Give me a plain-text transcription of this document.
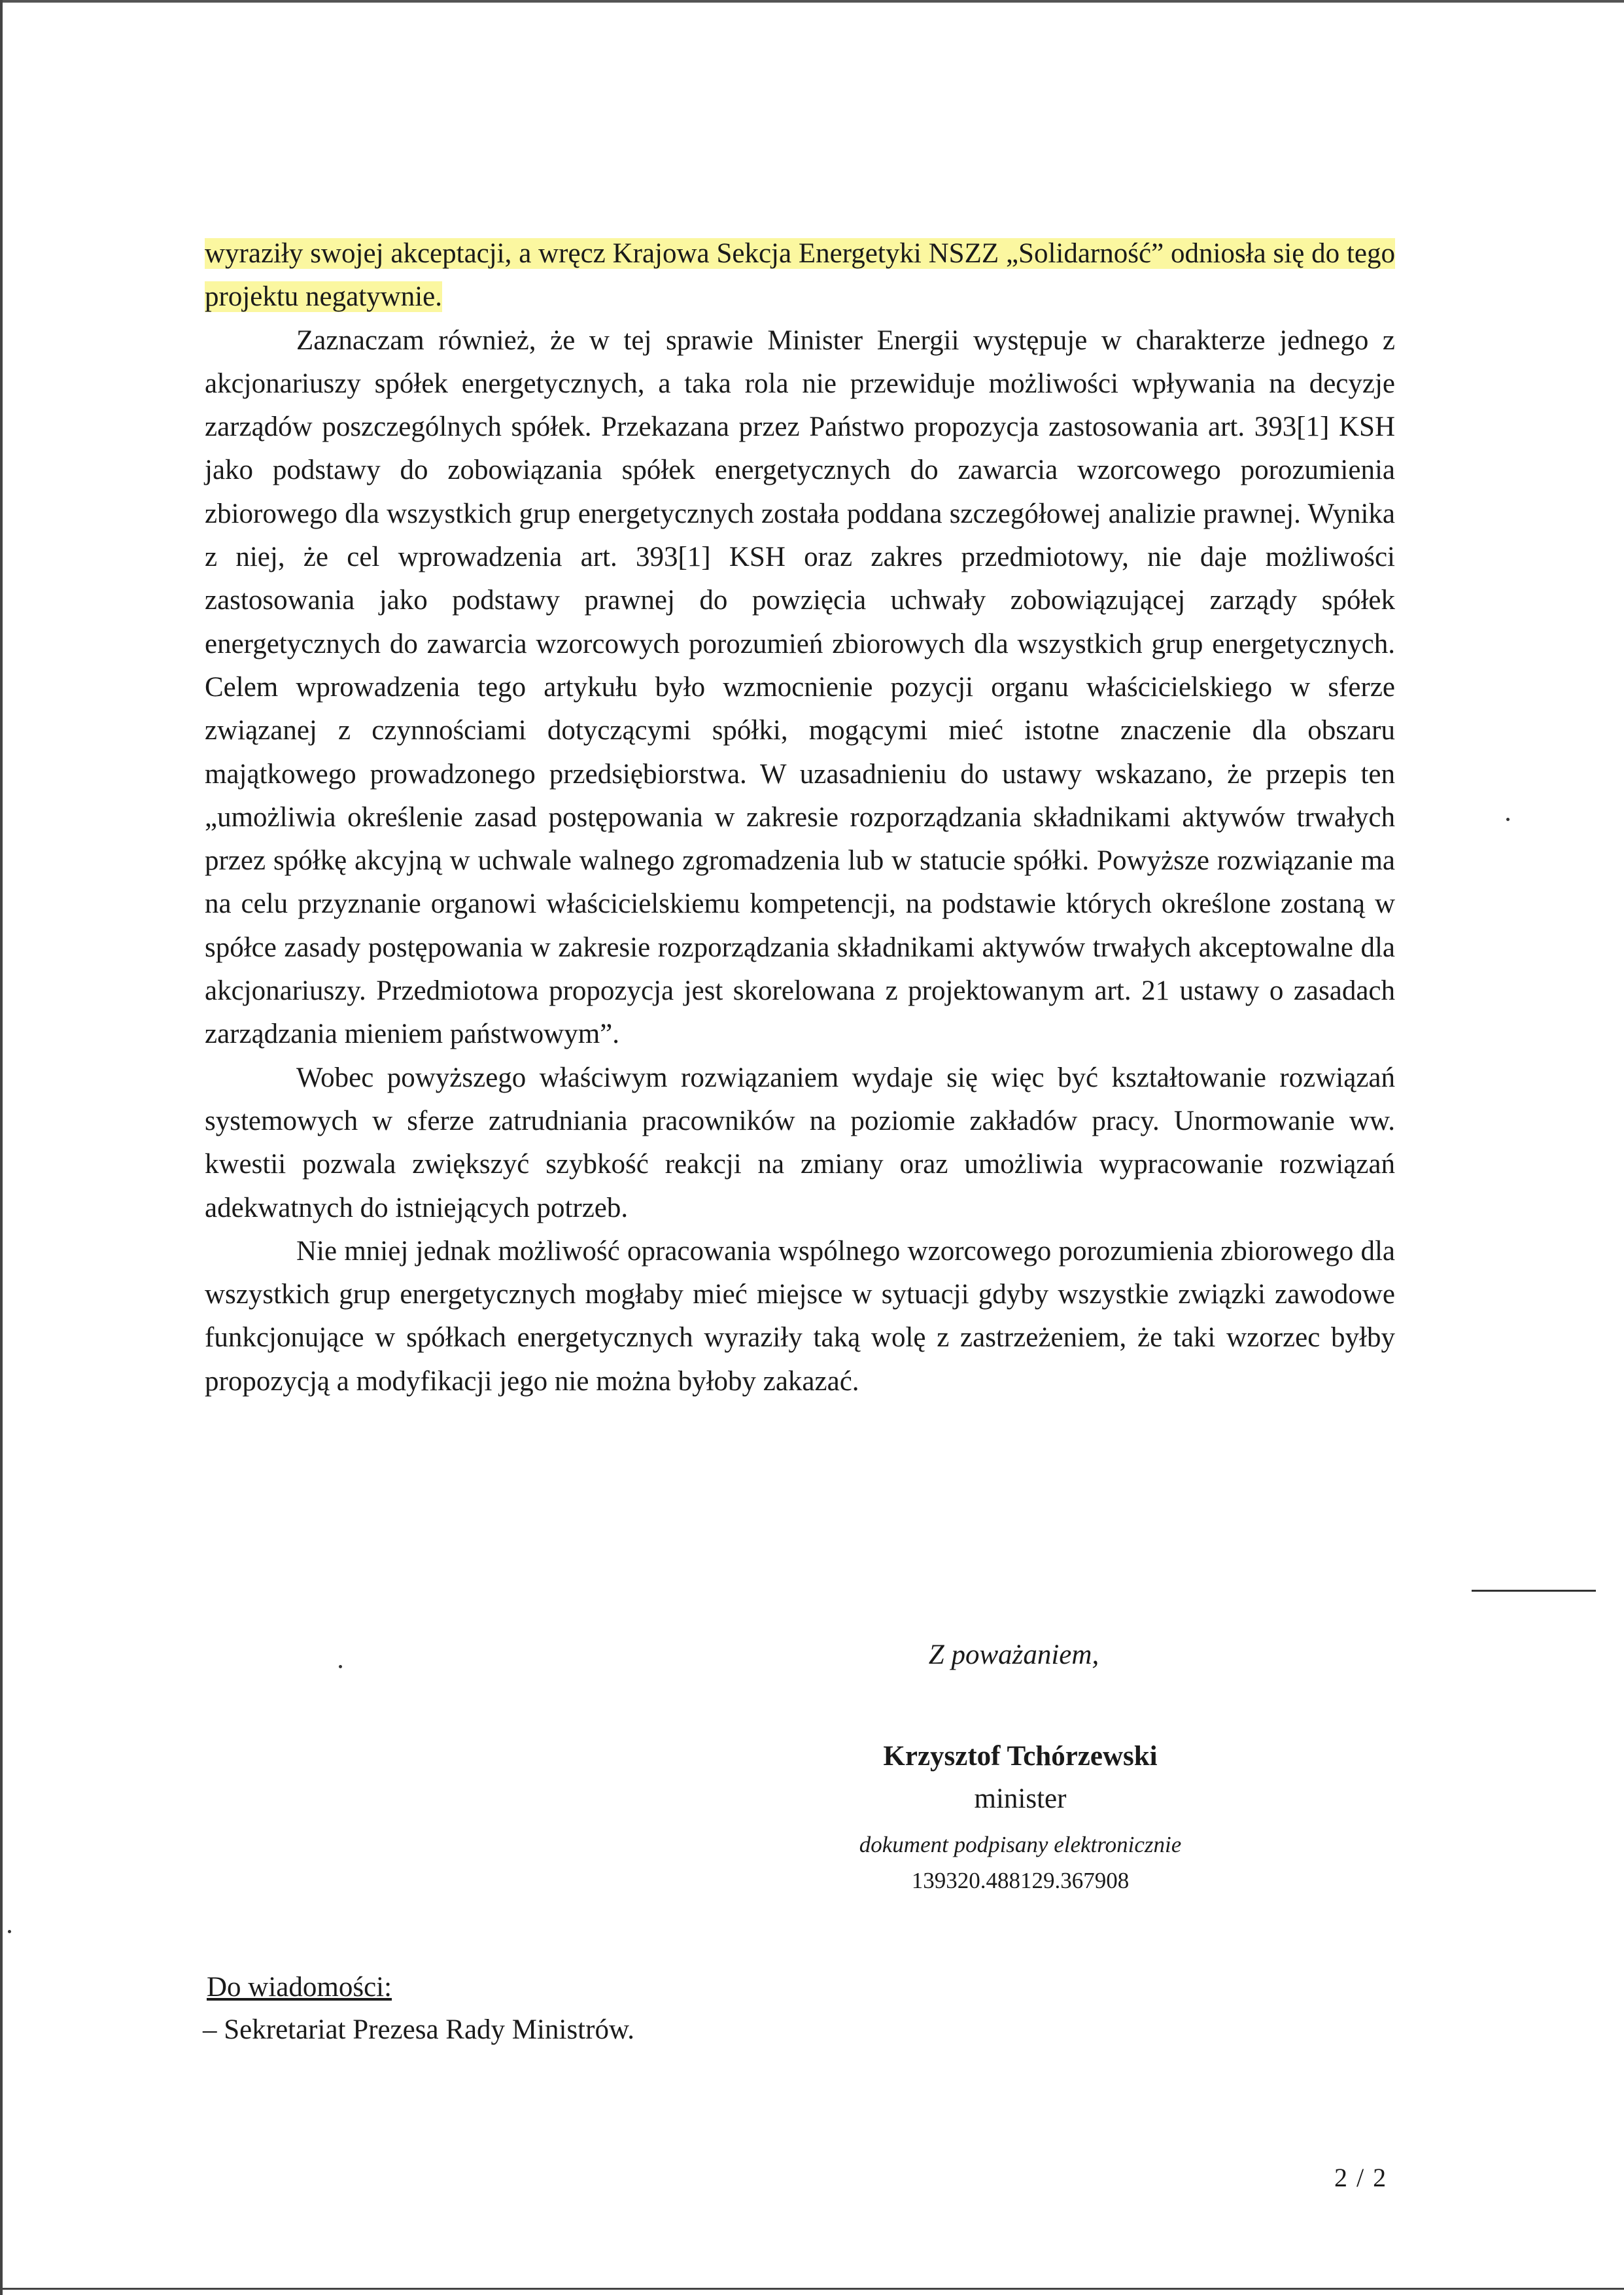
wyraziły swojej akceptacji, a wręcz Krajowa Sekcja Energetyki NSZZ „Solidarność” odniosła się do tego projektu negatywnie.

Zaznaczam również, że w tej sprawie Minister Energii występuje w charakterze jednego z akcjonariuszy spółek energetycznych, a taka rola nie przewiduje możliwości wpływania na decyzje zarządów poszczególnych spółek. Przekazana przez Państwo propozycja zastosowania art. 393[1] KSH jako podstawy do zobowiązania spółek energetycznych do zawarcia wzorcowego porozumienia zbiorowego dla wszystkich grup energetycznych została poddana szczegółowej analizie prawnej. Wynika z niej, że cel wprowadzenia art. 393[1] KSH oraz zakres przedmiotowy, nie daje możliwości zastosowania jako podstawy prawnej do powzięcia uchwały zobowiązującej zarządy spółek energetycznych do zawarcia wzorcowych porozumień zbiorowych dla wszystkich grup energetycznych. Celem wprowadzenia tego artykułu było wzmocnienie pozycji organu właścicielskiego w sferze związanej z czynnościami dotyczącymi spółki, mogącymi mieć istotne znaczenie dla obszaru majątkowego prowadzonego przedsiębiorstwa. W uzasadnieniu do ustawy wskazano, że przepis ten „umożliwia określenie zasad postępowania w zakresie rozporządzania składnikami aktywów trwałych przez spółkę akcyjną w uchwale walnego zgromadzenia lub w statucie spółki. Powyższe rozwiązanie ma na celu przyznanie organowi właścicielskiemu kompetencji, na podstawie których określone zostaną w spółce zasady postępowania w zakresie rozporządzania składnikami aktywów trwałych akceptowalne dla akcjonariuszy. Przedmiotowa propozycja jest skorelowana z projektowanym art. 21 ustawy o zasadach zarządzania mieniem państwowym”.

Wobec powyższego właściwym rozwiązaniem wydaje się więc być kształtowanie rozwiązań systemowych w sferze zatrudniania pracowników na poziomie zakładów pracy. Unormowanie ww. kwestii pozwala zwiększyć szybkość reakcji na zmiany oraz umożliwia wypracowanie rozwiązań adekwatnych do istniejących potrzeb.

Nie mniej jednak możliwość opracowania wspólnego wzorcowego porozumienia zbiorowego dla wszystkich grup energetycznych mogłaby mieć miejsce w sytuacji gdyby wszystkie związki zawodowe funkcjonujące w spółkach energetycznych wyraziły taką wolę z zastrzeżeniem, że taki wzorzec byłby propozycją a modyfikacji jego nie można byłoby zakazać.

Z poważaniem,
Krzysztof Tchórzewski
minister
dokument podpisany elektronicznie
139320.488129.367908
Do wiadomości:
– Sekretariat Prezesa Rady Ministrów.
2 / 2
